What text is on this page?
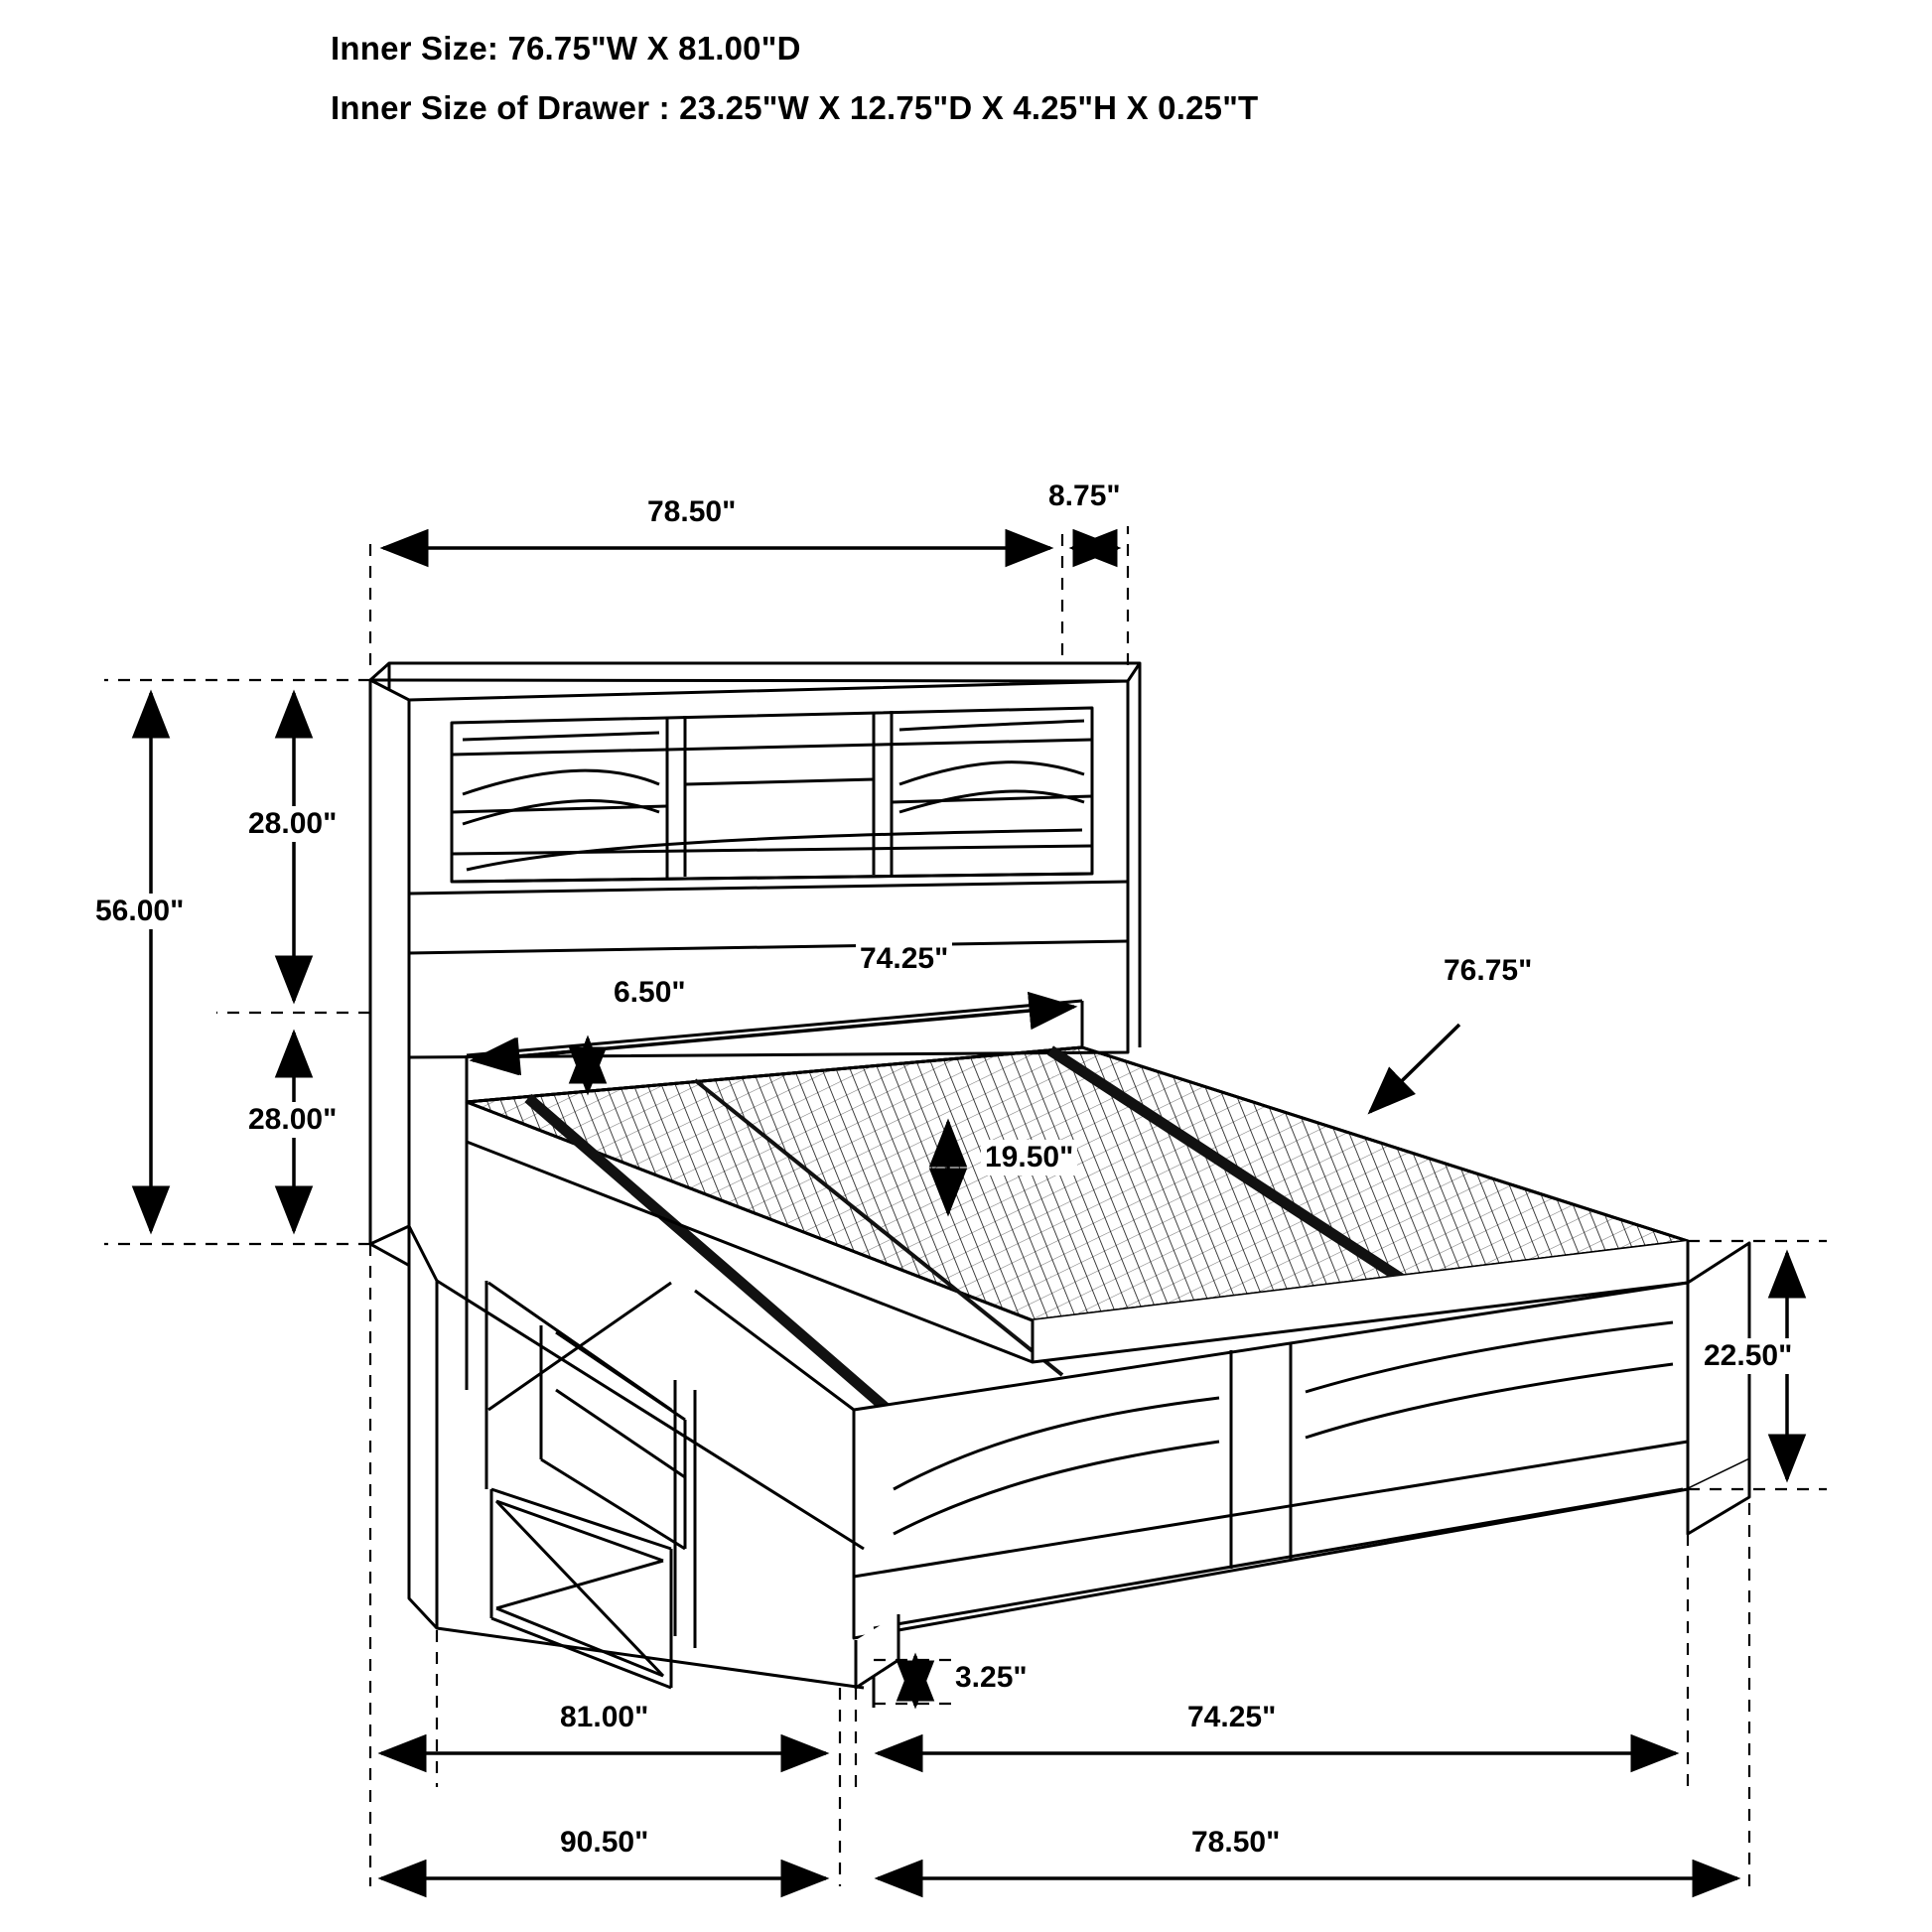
Inner Size: 76.75"W X 81.00"D
Inner Size of Drawer : 23.25"W X 12.75"D X 4.25"H X 0.25"T
78.50"	8.75"
56.00"
28.00"
28.00"
74.25"
6.50"
76.75"
19.50"
22.50"
3.25"
81.00"	74.25"
90.50"	78.50"
